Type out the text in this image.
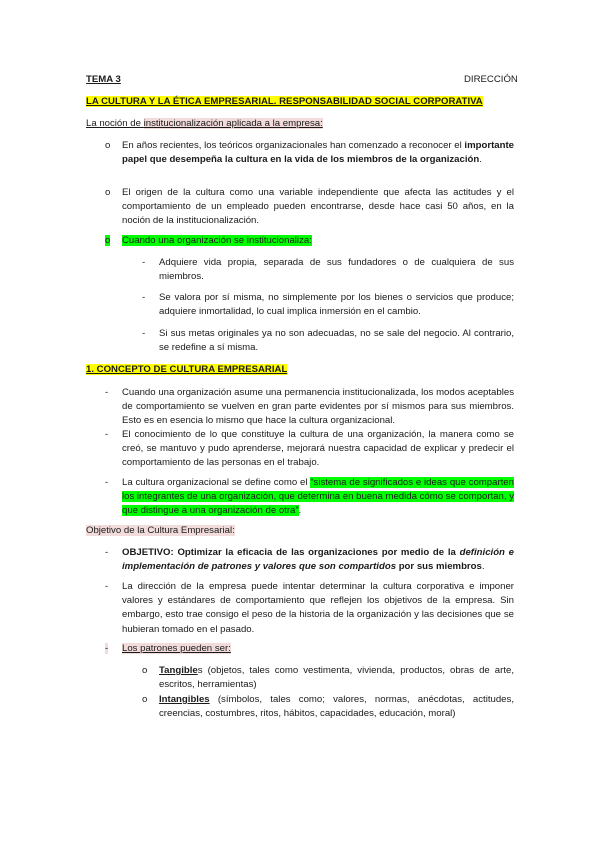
TEMA 3	DIRECCIÓN
LA CULTURA Y LA ÉTICA EMPRESARIAL. RESPONSABILIDAD SOCIAL CORPORATIVA
La noción de institucionalización aplicada a la empresa:
o En años recientes, los teóricos organizacionales han comenzado a reconocer el importante papel que desempeña la cultura en la vida de los miembros de la organización.
o El origen de la cultura como una variable independiente que afecta las actitudes y el comportamiento de un empleado pueden encontrarse, desde hace casi 50 años, en la noción de la institucionalización.
o Cuando una organización se institucionaliza:
- Adquiere vida propia, separada de sus fundadores o de cualquiera de sus miembros.
- Se valora por sí misma, no simplemente por los bienes o servicios que produce; adquiere inmortalidad, lo cual implica inmersión en el cambio.
- Si sus metas originales ya no son adecuadas, no se sale del negocio. Al contrario, se redefine a sí misma.
1. CONCEPTO DE CULTURA EMPRESARIAL
- Cuando una organización asume una permanencia institucionalizada, los modos aceptables de comportamiento se vuelven en gran parte evidentes por sí mismos para sus miembros. Esto es en esencia lo mismo que hace la cultura organizacional.
- El conocimiento de lo que constituye la cultura de una organización, la manera como se creó, se mantuvo y pudo aprenderse, mejorará nuestra capacidad de explicar y predecir el comportamiento de las personas en el trabajo.
- La cultura organizacional se define como el “sistema de significados e ideas que comparten los integrantes de una organización, que determina en buena medida cómo se comportan, y que distingue a una organización de otra”.
Objetivo de la Cultura Empresarial:
- OBJETIVO: Optimizar la eficacia de las organizaciones por medio de la definición e implementación de patrones y valores que son compartidos por sus miembros.
- La dirección de la empresa puede intentar determinar la cultura corporativa e imponer valores y estándares de comportamiento que reflejen los objetivos de la empresa. Sin embargo, esto trae consigo el peso de la historia de la organización y las decisiones que se hubieran tomado en el pasado.
- Los patrones pueden ser:
o Tangibles (objetos, tales como vestimenta, vivienda, productos, obras de arte, escritos, herramientas)
o Intangibles (símbolos, tales como; valores, normas, anécdotas, actitudes, creencias, costumbres, ritos, hábitos, capacidades, educación, moral)
